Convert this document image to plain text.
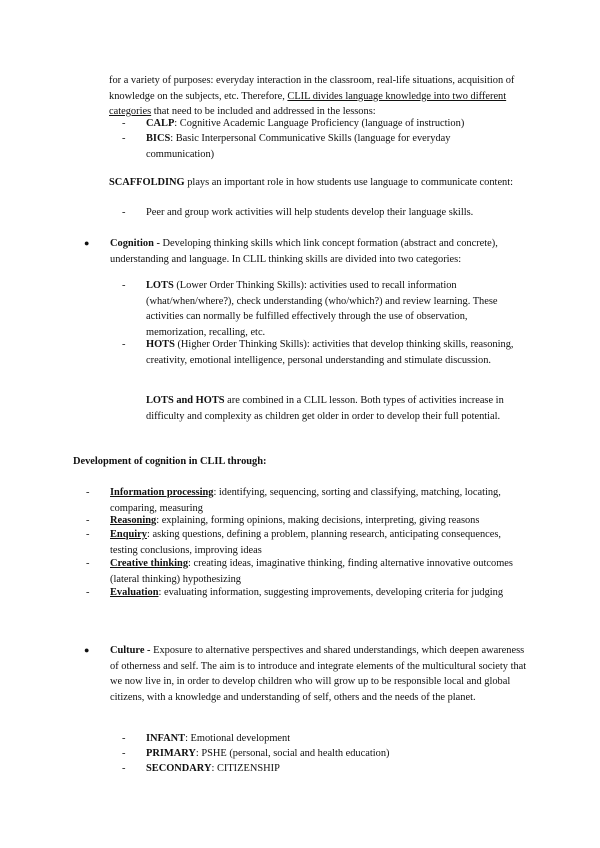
for a variety of purposes: everyday interaction in the classroom, real-life situations, acquisition of knowledge on the subjects, etc. Therefore, CLIL divides language knowledge into two different categories that need to be included and addressed in the lessons:

-	CALP: Cognitive Academic Language Proficiency (language of instruction)
-	BICS: Basic Interpersonal Communicative Skills (language for everyday communication)

SCAFFOLDING plays an important role in how students use language to communicate content:

-	Peer and group work activities will help students develop their language skills.
●	Cognition - Developing thinking skills which link concept formation (abstract and concrete), understanding and language. In CLIL thinking skills are divided into two categories:
-	LOTS (Lower Order Thinking Skills): activities used to recall information (what/when/where?), check understanding (who/which?) and review learning. These activities can normally be fulfilled effectively through the use of observation, memorization, recalling, etc.
-	HOTS (Higher Order Thinking Skills): activities that develop thinking skills, reasoning, creativity, emotional intelligence, personal understanding and stimulate discussion.

LOTS and HOTS are combined in a CLIL lesson. Both types of activities increase in difficulty and complexity as children get older in order to develop their full potential.

Development of cognition in CLIL through:
-	Information processing: identifying, sequencing, sorting and classifying, matching, locating, comparing, measuring
-	Reasoning: explaining, forming opinions, making decisions, interpreting, giving reasons
-	Enquiry: asking questions, defining a problem, planning research, anticipating consequences, testing conclusions, improving ideas
-	Creative thinking: creating ideas, imaginative thinking, finding alternative innovative outcomes (lateral thinking) hypothesizing
-	Evaluation: evaluating information, suggesting improvements, developing criteria for judging
●	Culture - Exposure to alternative perspectives and shared understandings, which deepen awareness of otherness and self. The aim is to introduce and integrate elements of the multicultural society that we now live in, in order to develop children who will grow up to be responsible local and global citizens, with a knowledge and understanding of self, others and the needs of the planet.
-	INFANT: Emotional development
-	PRIMARY: PSHE (personal, social and health education)
-	SECONDARY: CITIZENSHIP
